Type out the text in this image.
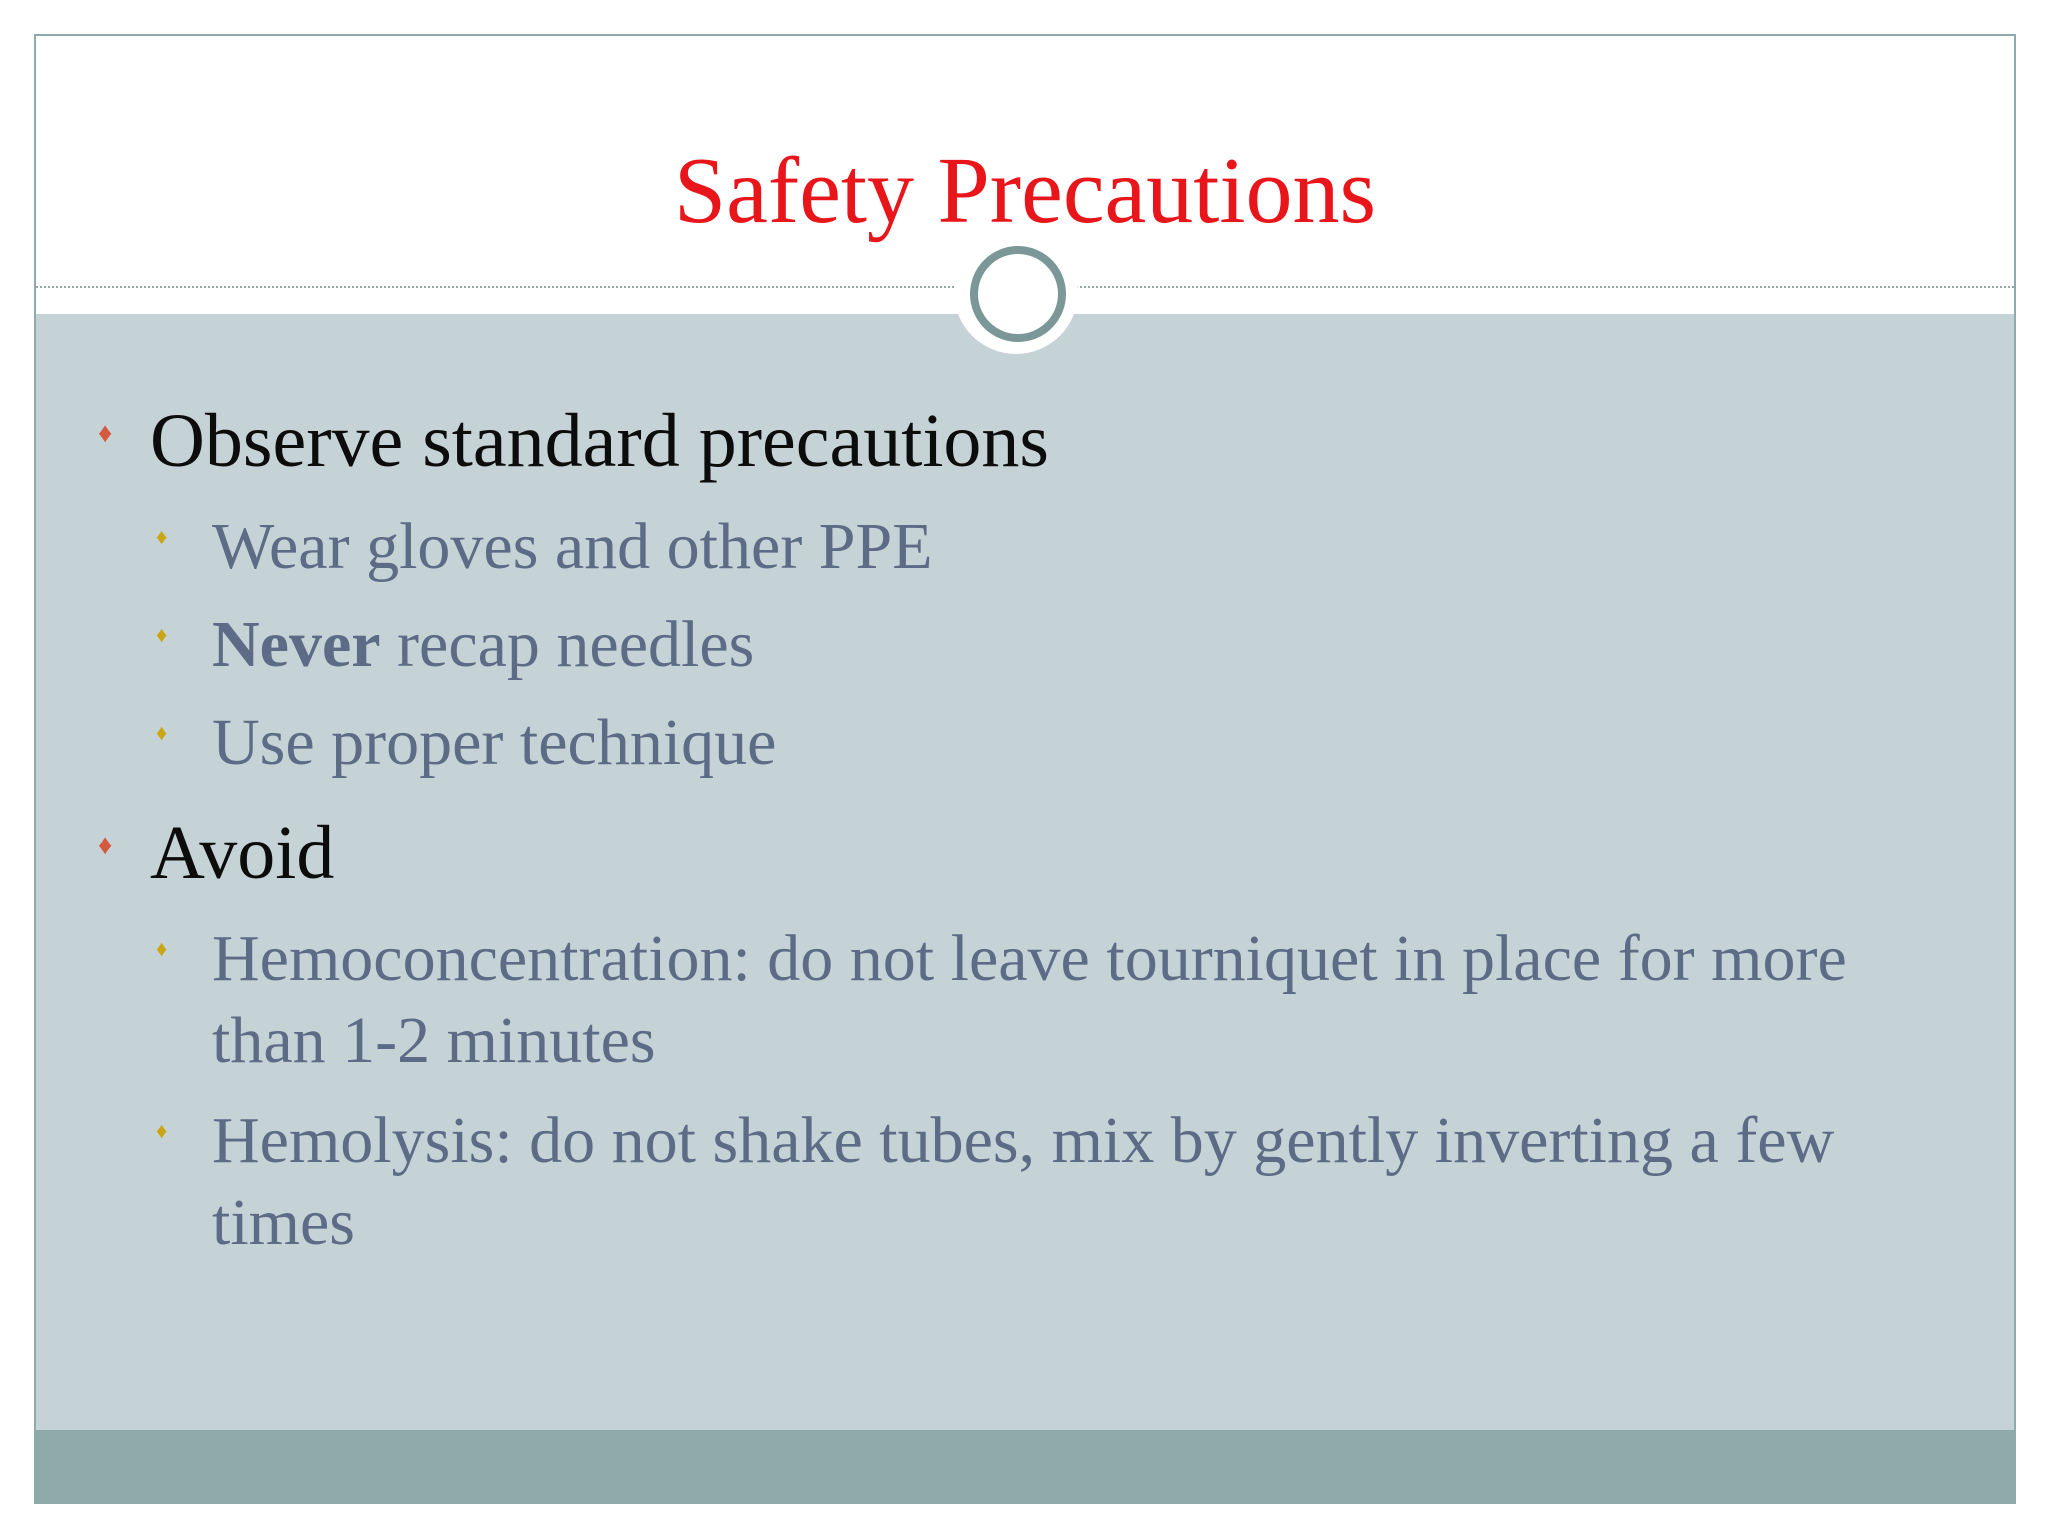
Safety Precautions
♦ Observe standard precautions
♦ Wear gloves and other PPE
♦ Never recap needles
♦ Use proper technique
♦ Avoid
♦ Hemoconcentration: do not leave tourniquet in place for more than 1-2 minutes
♦ Hemolysis: do not shake tubes, mix by gently inverting a few times
